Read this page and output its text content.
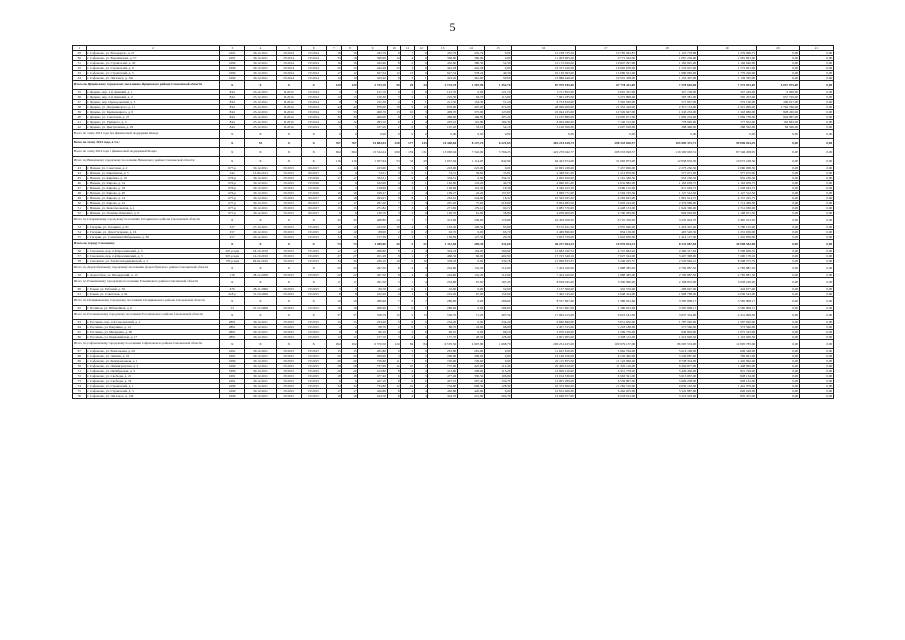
5
1	2	3	4	5	6	7	8	9	10	11	12	13	14	15	16	17	18	19	20	21
29	г. Сафоново, ул. Володарск., д. 27	1691	30.12.2011	IV.2014	IV.2014	18	10	432,79	9	7	0	432,79	432,79	0,00	12 198 725,50	10 782 945,87	1 125 778,88	1 279 996,75	0,00	0,00
30	г. Сафоново, ул. Ворошилова, д. 57	1691	30.12.2011	IV.2014	IV.2014	33	18	396,90	14	4	0	396,90	396,90	0,00	11 003 905,00	9 771 504,00	1 067 239,60	1 081 891,00	0,00	0,00
31	г. Сафоново, ул. Строителей, д. 20	1699	30.12.2011	IV.2014	IV.2014	16	16	432,60	8	2	0	432,60	380,30	52,30	13 172 020,00	10 847 297,98	1 162 825,00	1 162 640,00	0,00	0,00
32	г. Сафоново, ул. Строителей, д. 9	1690	30.12.2011	IV.2014	IV.2014	22	15	442,28	12	3	0	442,28	442,28	0,00	19 557 420,00	16 062 678,00	1 722 927,00	1 772 821,00	0,00	0,00
33	г. Сафоново, ул. Строителей, д. 5	1690	30.12.2011	IV.2014	IV.2014	17	12	627,54	12	13	0	627,54	578,24	49,30	19 136 393,00	15 686 501,00	1 680 082,00	1 779 220,00	0,00	0,00
34	г. Сафоново, ул. Энгельса, д. 10а	1690	30.12.2011	IV.2014	IV.2014	14	14	423,20	8	5	1	423,20	361,60	59,60	13 886 440,00	10 591 438,00	1 153 407,00	1 159 595,00	0,00	0,00
Итого по Ярцевскому городскому поселению Ярцевского района Смоленской области		X	X	X	X	129	129	2 723,70	59	29	34	2 723,70	1 267,90	1 452,70	87 979 185,00	67 778 411,00	7 278 618,00	7 273 031,00	5 657 075,00	0,00
35	г. Ярцево, пер. 1-й Девичий, д. 1	844	23.12.2011	II.2014	IV.2014	5	2	121,70	0	2	0	121,70	0,00	121,70	3 711 855,00	3 091 337,00	327 139,00	327 249,00	6 090,00	0,00
36	г. Ярцево, пер. 2-й Девичий, д. 2	844	23.12.2011	II.2014	IV.2014	12	13	210,30	5	2	1	210,30	94,70	115,60	7 061 185,00	5 272 899,00	565 381,00	565 453,00	657 729,00	0,00
37	г. Ярцево, пер. Прохоровский, д. 3	844	23.12.2011	II.2014	IV.2014	8	8	211,50	4	3	1	211,50	154,30	57,20	6 753 810,00	5 362 930,00	571 857,00	572 130,00	206 817,00	0,00
38	г. Ярцево, ул. Дзержинского, д. 11	844	23.12.2011	II.2014	IV.2014	44	44	879,00	19	9	10	879,00	407,00	472,00	28 096 400,00	21 352 418,00	2 315 153,00	2 315 999,00	2 764 766,00	0,00
39	г. Ярцево, ул. Кременецкого, д. 9	844	23.12.2011	II.2014	IV.2014	33	33	499,70	13	10	3	499,70	375,90	123,80	16 044 165,00	12 549 947,00	1 343 232,00	1 343 686,00	828 249,00	0,00
40	г. Ярцево, ул. Советская, д. 27	844	23.12.2011	II.2014	IV.2014	30	30	466,00	8	3	6	466,00	160,80	307,20	13 105 880,00	10 095 671,00	1 082 254,00	1 082 739,00	844 987,00	0,00
41	г. Ярцево, ул. Урицкого, д. 3	844	23.12.2011	II.2014	IV.2014	12	12	293,10	6	2	4	293,10	110,80	182,30	8 064 480,00	7 146 515,00	778 949,00	777 952,00	165 863,00	0,00
42	г. Ярцево, ул. Центральная, д. 29	844	25.12.2011	II.2014	IV.2014	5	5	107,20	2	0	3	107,20	53,10	54,10	3 149 500,00	2 607 818,00	288 496,00	288 592,00	84 596,00	0,00
Всего по этапу 2013 года без финансовой поддержки Фонда		X	X	X	X	0	0	0,00	0	0	0	0,00	0,00	0,00	0,00	0,00	0,00	0,00	0,00	0,00
Всего по этапу 2014 года, в т.ч.:		X	53	X	X	767	767	14 884,94	328	177	143	14 448,84	8 127,19	6 221,65	463 234 428,73	298 333 028,57	165 905 372,71	99 096 024,45	0,00	0,00
Всего по этапу 2014 года с финансовой поддержкой Фонда		X	X	X	X	692	692	13 524,24	290	159	131	13 090,04	7 342,09	5 766,25	422 270 042,77	298 333 028,57	116 590 903,31	87 346 208,95	0,00	0,00
Итого по Вяземскому городскому поселению Вяземского района Смоленской области		X	X	X	X	116	116	1 957,64	53	33	20	1 957,64	1 114,65	842,99	64 443 674,00	31 092 873,00	12 858 632,50	10 672 168,50	0,00	0,00
43	г. Вязьма, ул. Советская, д. 2	677-р	30.12.2011	IV.2015	III.2017	14	14	223,00	8	5	0	223,00	223,00	0,00	10 695 168,00	7 457 669,00	2 273 250,50	2 660 098,50	0,00	0,00
44	г. Вязьма, ул. Кирпичная, д. 5	342	12.09.2013	IV.2015	III.2017	4	4	74,51	3	0	1	74,51	39,60	35,91	2 368 021,00	1 213 878,00	577 071,00	577 072,00	0,00	0,00
45	г. Вязьма, ул. Кирпича, д. 10	676-р	30.12.2011	IV.2015	IV.2016	17	17	334,51	4	0	4	334,51	0,00	334,51	4 095 929,00	2 191 348,50	952 230,50	952 230,50	0,00	0,00
46	г. Вязьма, ул. Кирова, д. 14	676-р	30.12.2011	IV.2015	IV.2016	6	6	162,90	4	3	1	162,90	133,20	40,70	4 960 201,00	2 632 882,00	1 163 659,75	1 163 659,75	0,00	0,00
47	г. Вязьма, ул. Кирова, д. 18	676-р	30.12.2011	IV.2015	IV.2016	5	5	128,69	4	3	1	128,69	110,30	18,39	4 346 225,50	3 096 152,00	911 029,75	1 228 643,75	0,00	0,00
48	г. Вязьма, ул. Кирова, д. 20	676-р	30.12.2011	IV.2015	IV.2016	16	16	199,27	4	2	4	199,27	42,20	157,07	4 969 771,00	2 594 745,50	1 127 512,50	1 127 512,50	0,00	0,00
49	г. Вязьма, ул. Кирова, д. 14	677-р	30.12.2011	IV.2015	III.2017	16	16	263,01	9	8	1	263,01	244,69	18,32	10 593 935,50	4 284 825,00	1 861 914,75	4 157 225,75	0,00	0,00
50	г. Вязьма, ул. Кирова, д. 41	677-р	30.12.2011	IV.2015	III.2017	17	17	297,20	7	5	3	297,20	77,60	219,60	9 694 683,50	5 603 224,00	2 376 989,00	1 714 469,50	0,00	0,00
51	г. Вязьма, ул. Комсомольская, д. 1	677-р	30.12.2011	IV.2015	III.2017	15	15	271,82	7	3	2	271,82	179,10	92,72	9 085 576,00	4 428 153,00	1 924 390,00	2 712 930,00	0,00	0,00
52	г. Вязьма, ул. Полины Осипенко, д. 6	677-р	30.12.2011	IV.2015	III.2017	6	6	120,70	3	2	0	120,70	61,90	58,80	4 039 400,00	2 790 283,00	894 663,00	1 198 051,50	0,00	0,00
Итого по Гагаринскому городскому поселению Гагаринского района Смоленской области		X	X	X	X	35	35	468,89	14	7	7	413,69	236,80	176,89	16 459 058,50	6 725 330,00	3 235 994,70	5 465 913,20	0,00	0,00
53	г. Гагарин, ул. Гагарина, д. 61	227	27.12.2011	IV.2015	IV.2015	19	19	223,50	10	4	5	193,30	109,50	83,80	8 155 421,50	2 955 940,00	1 419 347,40	3 780 135,90	0,00	0,00
54	г. Гагарин, ул. Дача Гагарина, д. 16	257	29.12.2011	IV.2015	IV.2015	12	12	88,00	2	0	2	63,70	0,00	63,70	2 469 896,00	834 136,00	403 520,30	1 231 956,00	0,00	0,00
55	г. Гагарин, ул. Солнечная Набережная, д. 30	257	29.12.2011	IV.2015	IV.2015	14	14	157,39	2	3	1	156,69	127,30	29,39	5 833 729,00	2 943 656,00	1 414 127,00	1 455 856,00	0,00	0,00
Итого по городу Смоленску		X	X	X	X	73	73	1 389,00	26	5	21	1 112,50	209,30	911,60	46 237 964,23	16 976 814,31	8 231 687,84	20 998 562,08	0,00	0,00
56	г. Смоленск, пер. 2-й Краснинский, д. 5	347-р/адм	24.10.2010	IV.2015	IV.2015	12	12	498,80	8	4	4	304,23	104,00	169,92	12 683 190,72	4 701 864,94	2 284 317,63	5 506 608,35	0,00	0,00
57	г. Смоленск, пер. 2-й Краснинский, д. 3	347-р/адм	14.10.2010	IV.2015	IV.2015	27	27	451,28	8	1	7	468,56	66,00	402,50	17 725 340,16	7 027 524,00	3 407 398,00	7 290 178,16	0,00	0,00
58	г. Смоленск, ул. Зои Космодемьянской, д. 2	176-р/адм	09.02.2010	IV.2015	IV.2015	34	34	439,10	10	0	10	339,18	0,00	339,18	15 998 633,37	5 246 295,37	2 543 962,21	8 208 375,79	0,00	0,00
Итого по Дорогобужскому городскому поселению Дорогобужского района Смоленской области		X	X	X	X	22	22	267,50	8	4	4	244,80	132,20	112,60	7 454 160,00	1 888 385,00	2 782 887,50	2 782 887,50	0,00	0,00
59	г. Дорогобуж, ул. Пионерский, д. 13	118	28.12.2009	IV.2015	IV.2015	22	22	267,50	8	4	4	244,80	132,20	112,60	7 454 160,00	1 888 385,00	2 782 887,50	2 782 887,50	0,00	0,00
Итого по Ельнинскому городскому поселению Ельнинского района Смоленской области		X	X	X	X	11	11	291,50	5	1	4	254,80	67,60	187,20	8 658 045,00	3 300 990,00	2 198 835,00	3 058 220,00	0,00	0,00
60	г. Ельня, ул. Рабочий, д. 39	476	28.11.2009	IV.2015	IV.2015	3	3	69,70	4	0	1	52,60	0,00	52,60	1 157 300,00	432 576,00	286 047,00	444 677,00	0,00	0,00
61	г. Ельня, ул. Советская, д. 8а	218-р	31.10.2009	IV.2015	IV.2015	8	8	222,20	4	1	3	222,20	67,60	154,60	7 492 745,00	2 948 414,00	1 908 788,00	2 636 543,00	0,00	0,00
Итого по Починковскому городскому поселению Починковского района Смоленской области		X	X	X	X	16	16	286,60	7	0	7	286,60	0,00	286,60	8 557 667,00	1 386 052,66	3 585 808,17	3 585 808,17	0,00	0,00
62	г. Починок, ул. Юбилейная, д. 6	53	31.12.2009	IV.2015	IV.2015	16	16	286,60	7	0	7	286,60	0,00	286,60	8 557 667,00	1 386 052,66	3 585 808,17	3 585 808,17	0,00	0,00
Итого по Рославльскому городскому поселению Рославльского района Смоленской области		X	X	X	X	37	37	558,79	15	2	13	558,70	71,20	487,50	17 062 415,00	9 823 181,00	3 837 354,00	4 351 999,00	0,00	0,00
63	г. Рославль, пер. 2-й Смоленский, д. 2	2891	30.12.2011	IV.2015	IV.2015	15	15	234,20	5	0	5	234,20	0,00	234,20	6 690 890,00	3 651 950,00	1 787 920,00	1 587 920,00	0,00	0,00
64	г. Рославль, ул. Бакунина, д. 14	2891	30.12.2011	IV.2015	IV.2015	4	4	88,70	2	0	1	88,70	43,90	88,80	2 457 315,00	1 218 180,00	573 566,00	573 566,00	0,00	0,00
65	г. Рославль, ул. Мичурина, д. 66	2891	30.12.2011	IV.2015	IV.2015	6	6	96,10	4	2	6	96,10	0,00	96,10	2 976 249,00	1 209 756,00	949 992,00	1 075 543,00	0,00	0,00
66	г. Рославль, ул. Первомайская, д. 17	2891	30.12.2011	IV.2015	IV.2015	12	12	157,70	3	2	4	157,70	28,30	128,40	4 901 905,00	2 308 112,00	1 216 926,50	1 116 026,50	0,00	0,00
Итого по Сафоновскому городскому поселению Сафоновского района Смоленской области		X	X	X	X	292	292	6 576,50	124	84	84	6 576,50	4 907,80	1 668,70	200 254 425,00	100 979 137,00	86 305 533,00	12 995 783,00	0,00	0,00
67	г. Сафоново, ул. Вокзальная, д. 29	1691	30.12.2011	IV.2015	IV.2015	15	15	281,80	6	2	6	281,80	281,80	0,00	11 625 810,00	5 962 764,00	5 014 108,00	649 548,00	0,00	0,00
68	г. Сафоново, ул. Ленина, д. 16	1691	30.12.2011	IV.2015	IV.2015	22	22	299,00	5	7	2	299,00	299,00	0,00	12 149 256,00	6 126 462,00	5 240 087,00	782 601,00	0,00	0,00
69	г. Сафоново, ул. Коммунальная, д. 1	1690	30.12.2011	IV.2015	IV.2015	26	26	726,60	11	7	6	726,60	726,60	0,00	22 115 855,00	11 122 060,00	9 738 334,00	1 445 962,00	0,00	0,00
70	г. Сафоново, ул. Ленинградская, д. 2	1690	30.12.2011	IV.2015	IV.2015	28	28	737,90	12	10	2	737,90	425,60	112,30	22 469 010,00	11 320 116,00	9 450 877,00	1 448 062,00	0,00	0,00
71	г. Сафоново, ул. Октябрьская, д. 3	1690	30.12.2011	IV.2015	IV.2015	20	20	413,80	8	4	4	413,80	298,60	115,20	12 600 216,00	6 351 778,00	5 426 430,00	821 728,00	0,00	0,00
72	г. Сафоново, ул. Свободы, д. 21	1691	30.12.2011	IV.2015	IV.2015	18	18	477,40	6	4	3	477,40	350,50	106,90	15 014 336,00	6 563 321,00	5 613 067,00	828 134,00	0,00	0,00
73	г. Сафоново, ул. Свободы, д. 33	1691	30.12.2011	IV.2015	IV.2015	6	6	427,10	8	6	0	427,10	267,40	159,70	13 005 289,00	6 559 807,00	5 609 238,00	828 142,00	0,00	0,00
74	г. Сафоново, ул. Строителей, д. 1	1690	30.12.2011	IV.2015	IV.2015	34	34	734,80	12	10	2	734,80	606,50	128,30	22 374 600,00	11 282 516,00	9 659 163,00	1 441 979,00	0,00	0,00
75	г. Сафоново, ул. Строителей, д. 3	1690	30.12.2011	IV.2015	IV.2015	17	17	420,80	8	4	4	420,80	420,80	0,00	12 812 460,00	6 462 955,00	5 522 887,00	826 618,00	0,00	0,00
76	г. Сафоново, ул. Энгельса, д. 136	1690	30.12.2011	IV.2015	IV.2015	18	18	424,70	8	4	4	424,70	221,80	202,70	12 928 077,00	6 518 012,00	5 574 593,00	835 472,00	0,00	0,00
